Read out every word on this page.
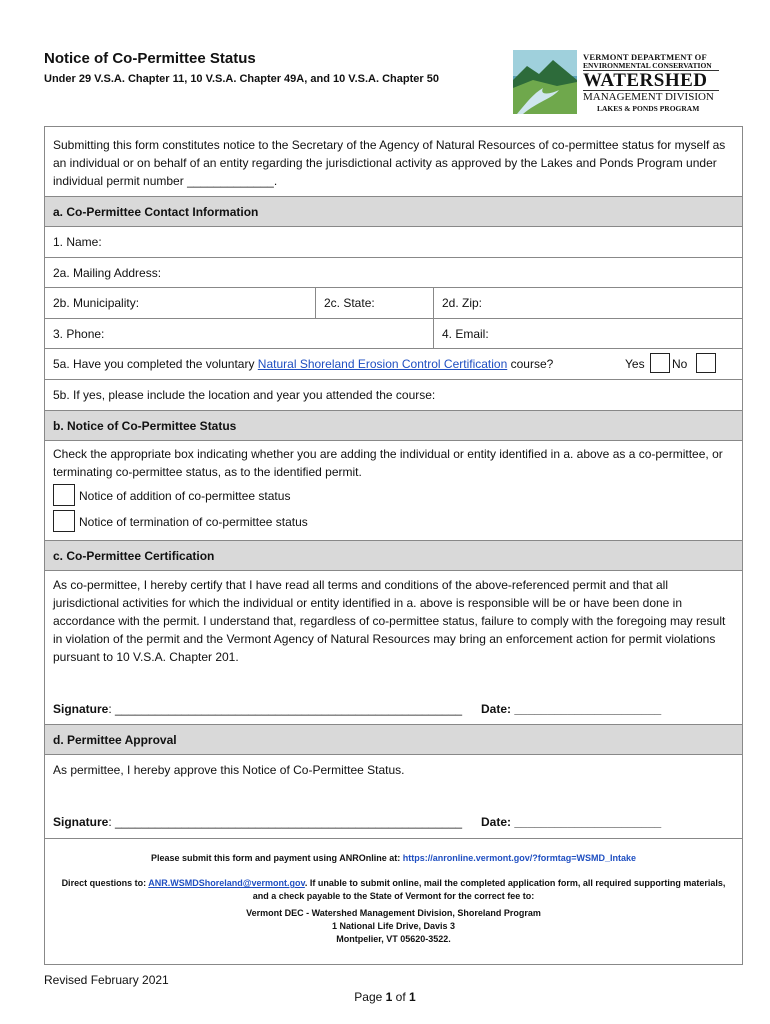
Notice of Co-Permittee Status
Under 29 V.S.A. Chapter 11, 10 V.S.A. Chapter 49A, and 10 V.S.A. Chapter 50
VERMONT DEPARTMENT OF
ENVIRONMENTAL CONSERVATION
WATERSHED
MANAGEMENT DIVISION
LAKES & PONDS PROGRAM
Submitting this form constitutes notice to the Secretary of the Agency of Natural Resources of co-permittee status for myself as an individual or on behalf of an entity regarding the jurisdictional activity as approved by the Lakes and Ponds Program under individual permit number _____________.
a. Co-Permittee Contact Information
1. Name:
2a. Mailing Address:
2b. Municipality:	2c. State:	2d. Zip:
3. Phone:	4. Email:
5a. Have you completed the voluntary Natural Shoreland Erosion Control Certification course?	Yes No
5b. If yes, please include the location and year you attended the course:
b. Notice of Co-Permittee Status
Check the appropriate box indicating whether you are adding the individual or entity identified in a. above as a co-permittee, or terminating co-permittee status, as to the identified permit.
Notice of addition of co-permittee status
Notice of termination of co-permittee status
c. Co-Permittee Certification
As co-permittee, I hereby certify that I have read all terms and conditions of the above-referenced permit and that all jurisdictional activities for which the individual or entity identified in a. above is responsible will be or have been done in accordance with the permit. I understand that, regardless of co-permittee status, failure to comply with the foregoing may result in violation of the permit and the Vermont Agency of Natural Resources may bring an enforcement action for permit violations pursuant to 10 V.S.A. Chapter 201.
Signature: ____________________________________________________ Date: ______________________
d. Permittee Approval
As permittee, I hereby approve this Notice of Co-Permittee Status.
Signature: ____________________________________________________ Date: ______________________
Please submit this form and payment using ANROnline at: https://anronline.vermont.gov/?formtag=WSMD_Intake
Direct questions to: ANR.WSMDShoreland@vermont.gov. If unable to submit online, mail the completed application form, all required supporting materials, and a check payable to the State of Vermont for the correct fee to:
Vermont DEC - Watershed Management Division, Shoreland Program
1 National Life Drive, Davis 3
Montpelier, VT 05620-3522.
Revised February 2021
Page 1 of 1
